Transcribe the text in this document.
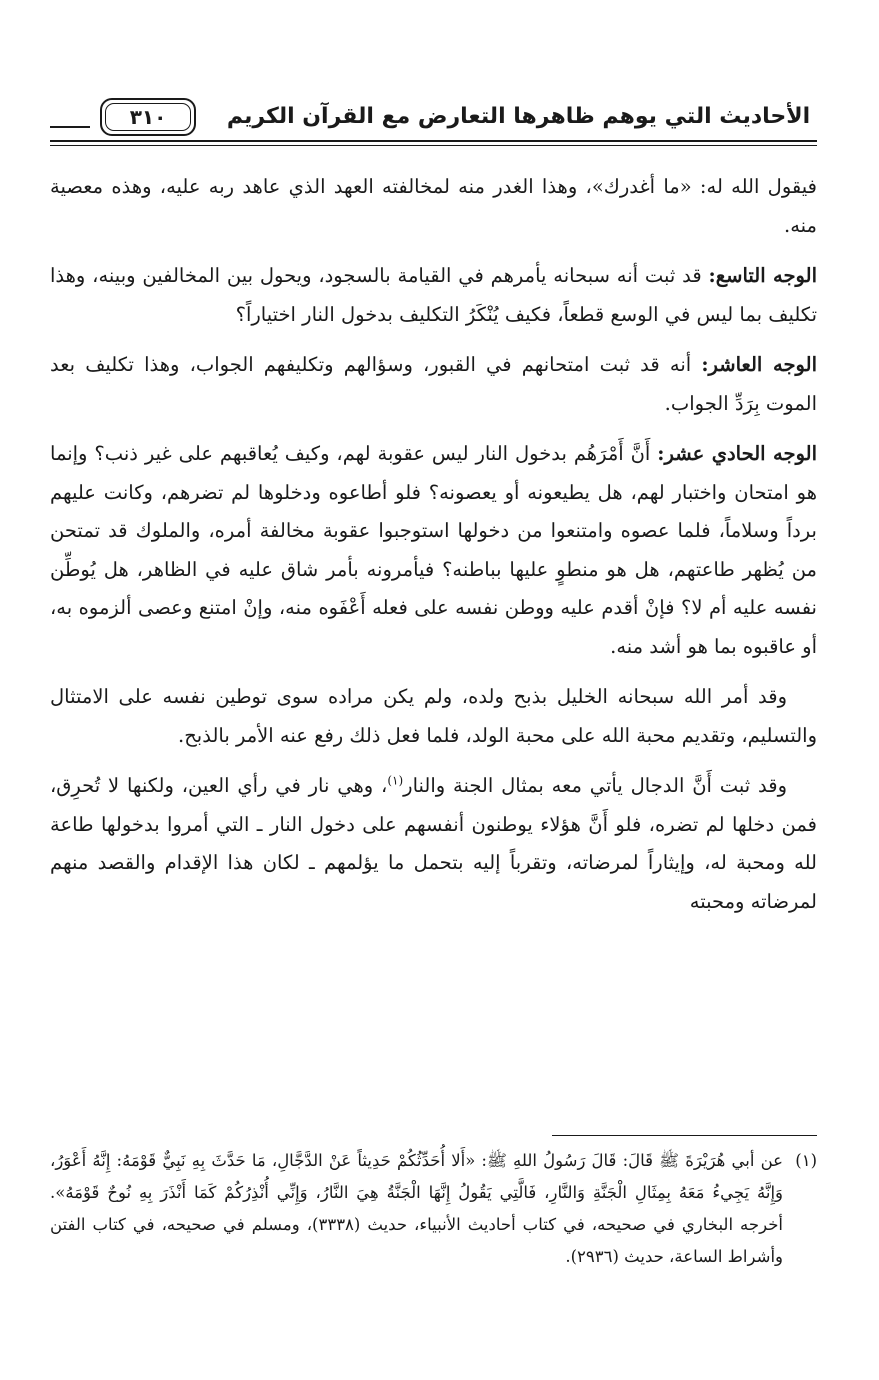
الأحاديث التي يوهم ظاهرها التعارض مع القرآن الكريم
٣١٠

فيقول الله له: «ما أغدرك»، وهذا الغدر منه لمخالفته العهد الذي عاهد ربه عليه، وهذه معصية منه.

الوجه التاسع: قد ثبت أنه سبحانه يأمرهم في القيامة بالسجود، ويحول بين المخالفين وبينه، وهذا تكليف بما ليس في الوسع قطعاً، فكيف يُنْكَرُ التكليف بدخول النار اختياراً؟

الوجه العاشر: أنه قد ثبت امتحانهم في القبور، وسؤالهم وتكليفهم الجواب، وهذا تكليف بعد الموت بِرَدِّ الجواب.

الوجه الحادي عشر: أَنَّ أَمْرَهُم بدخول النار ليس عقوبة لهم، وكيف يُعاقبهم على غير ذنب؟ وإنما هو امتحان واختبار لهم، هل يطيعونه أو يعصونه؟ فلو أطاعوه ودخلوها لم تضرهم، وكانت عليهم برداً وسلاماً، فلما عصوه وامتنعوا من دخولها استوجبوا عقوبة مخالفة أمره، والملوك قد تمتحن من يُظهر طاعتهم، هل هو منطوٍ عليها بباطنه؟ فيأمرونه بأمر شاق عليه في الظاهر، هل يُوطِّن نفسه عليه أم لا؟ فإنْ أقدم عليه ووطن نفسه على فعله أَعْفَوه منه، وإنْ امتنع وعصى ألزموه به، أو عاقبوه بما هو أشد منه.

وقد أمر الله سبحانه الخليل بذبح ولده، ولم يكن مراده سوى توطين نفسه على الامتثال والتسليم، وتقديم محبة الله على محبة الولد، فلما فعل ذلك رفع عنه الأمر بالذبح.

وقد ثبت أَنَّ الدجال يأتي معه بمثال الجنة والنار$^{(١)}$، وهي نار في رأي العين، ولكنها لا تُحرِق، فمن دخلها لم تضره، فلو أَنَّ هؤلاء يوطنون أنفسهم على دخول النار ـ التي أمروا بدخولها طاعة لله ومحبة له، وإيثاراً لمرضاته، وتقرباً إليه بتحمل ما يؤلمهم ـ لكان هذا الإقدام والقصد منهم لمرضاته ومحبته

(١)
عن أبي هُرَيْرَةَ ﷺ قَالَ: قَالَ رَسُولُ اللهِ ﷺ: «أَلا أُحَدِّثُكُمْ حَدِيثاً عَنْ الدَّجَّالِ، مَا حَدَّثَ بِهِ نَبِيٌّ قَوْمَهُ: إِنَّهُ أَعْوَرُ، وَإِنَّهُ يَجِيءُ مَعَهُ بِمِثَالِ الْجَنَّةِ وَالنَّارِ، فَالَّتِي يَقُولُ إِنَّهَا الْجَنَّةُ هِيَ النَّارُ، وَإِنِّي أُنْذِرُكُمْ كَمَا أَنْذَرَ بِهِ نُوحٌ قَوْمَهُ». أخرجه البخاري في صحيحه، في كتاب أحاديث الأنبياء، حديث (٣٣٣٨)، ومسلم في صحيحه، في كتاب الفتن وأشراط الساعة، حديث (٢٩٣٦).
